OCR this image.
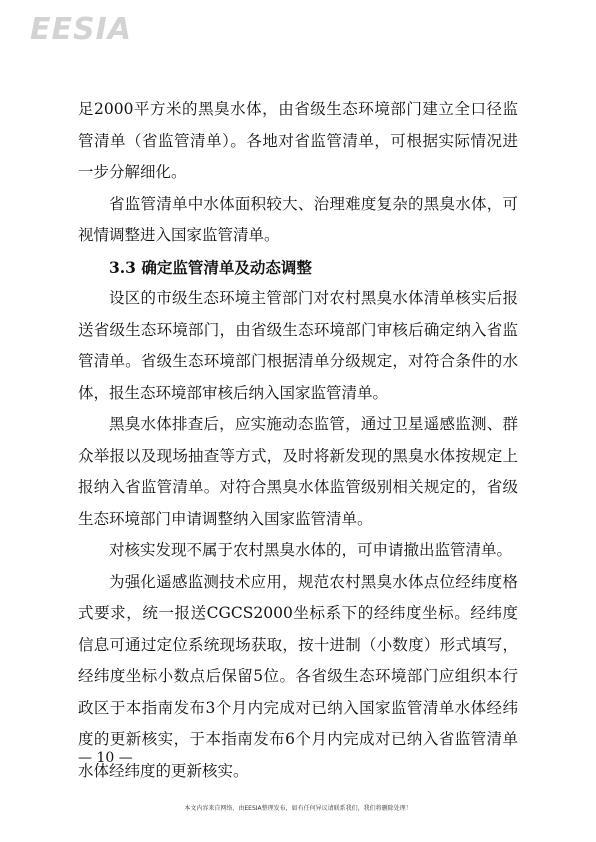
EESIA

足2000平方米的黑臭水体，由省级生态环境部门建立全口径监管清单（省监管清单）。各地对省监管清单，可根据实际情况进一步分解细化。

省监管清单中水体面积较大、治理难度复杂的黑臭水体，可视情调整进入国家监管清单。

3.3 确定监管清单及动态调整

设区的市级生态环境主管部门对农村黑臭水体清单核实后报送省级生态环境部门，由省级生态环境部门审核后确定纳入省监管清单。省级生态环境部门根据清单分级规定，对符合条件的水体，报生态环境部审核后纳入国家监管清单。

黑臭水体排查后，应实施动态监管，通过卫星遥感监测、群众举报以及现场抽查等方式，及时将新发现的黑臭水体按规定上报纳入省监管清单。对符合黑臭水体监管级别相关规定的，省级生态环境部门申请调整纳入国家监管清单。

对核实发现不属于农村黑臭水体的，可申请撤出监管清单。

为强化遥感监测技术应用，规范农村黑臭水体点位经纬度格式要求，统一报送CGCS2000坐标系下的经纬度坐标。经纬度信息可通过定位系统现场获取，按十进制（小数度）形式填写，经纬度坐标小数点后保留5位。各省级生态环境部门应组织本行政区于本指南发布3个月内完成对已纳入国家监管清单水体经纬度的更新核实，于本指南发布6个月内完成对已纳入省监管清单水体经纬度的更新核实。

— 10 —
本文内容来自网络，由EESIA整理发布，如有任何异议请联系我们，我们将删除处理！
